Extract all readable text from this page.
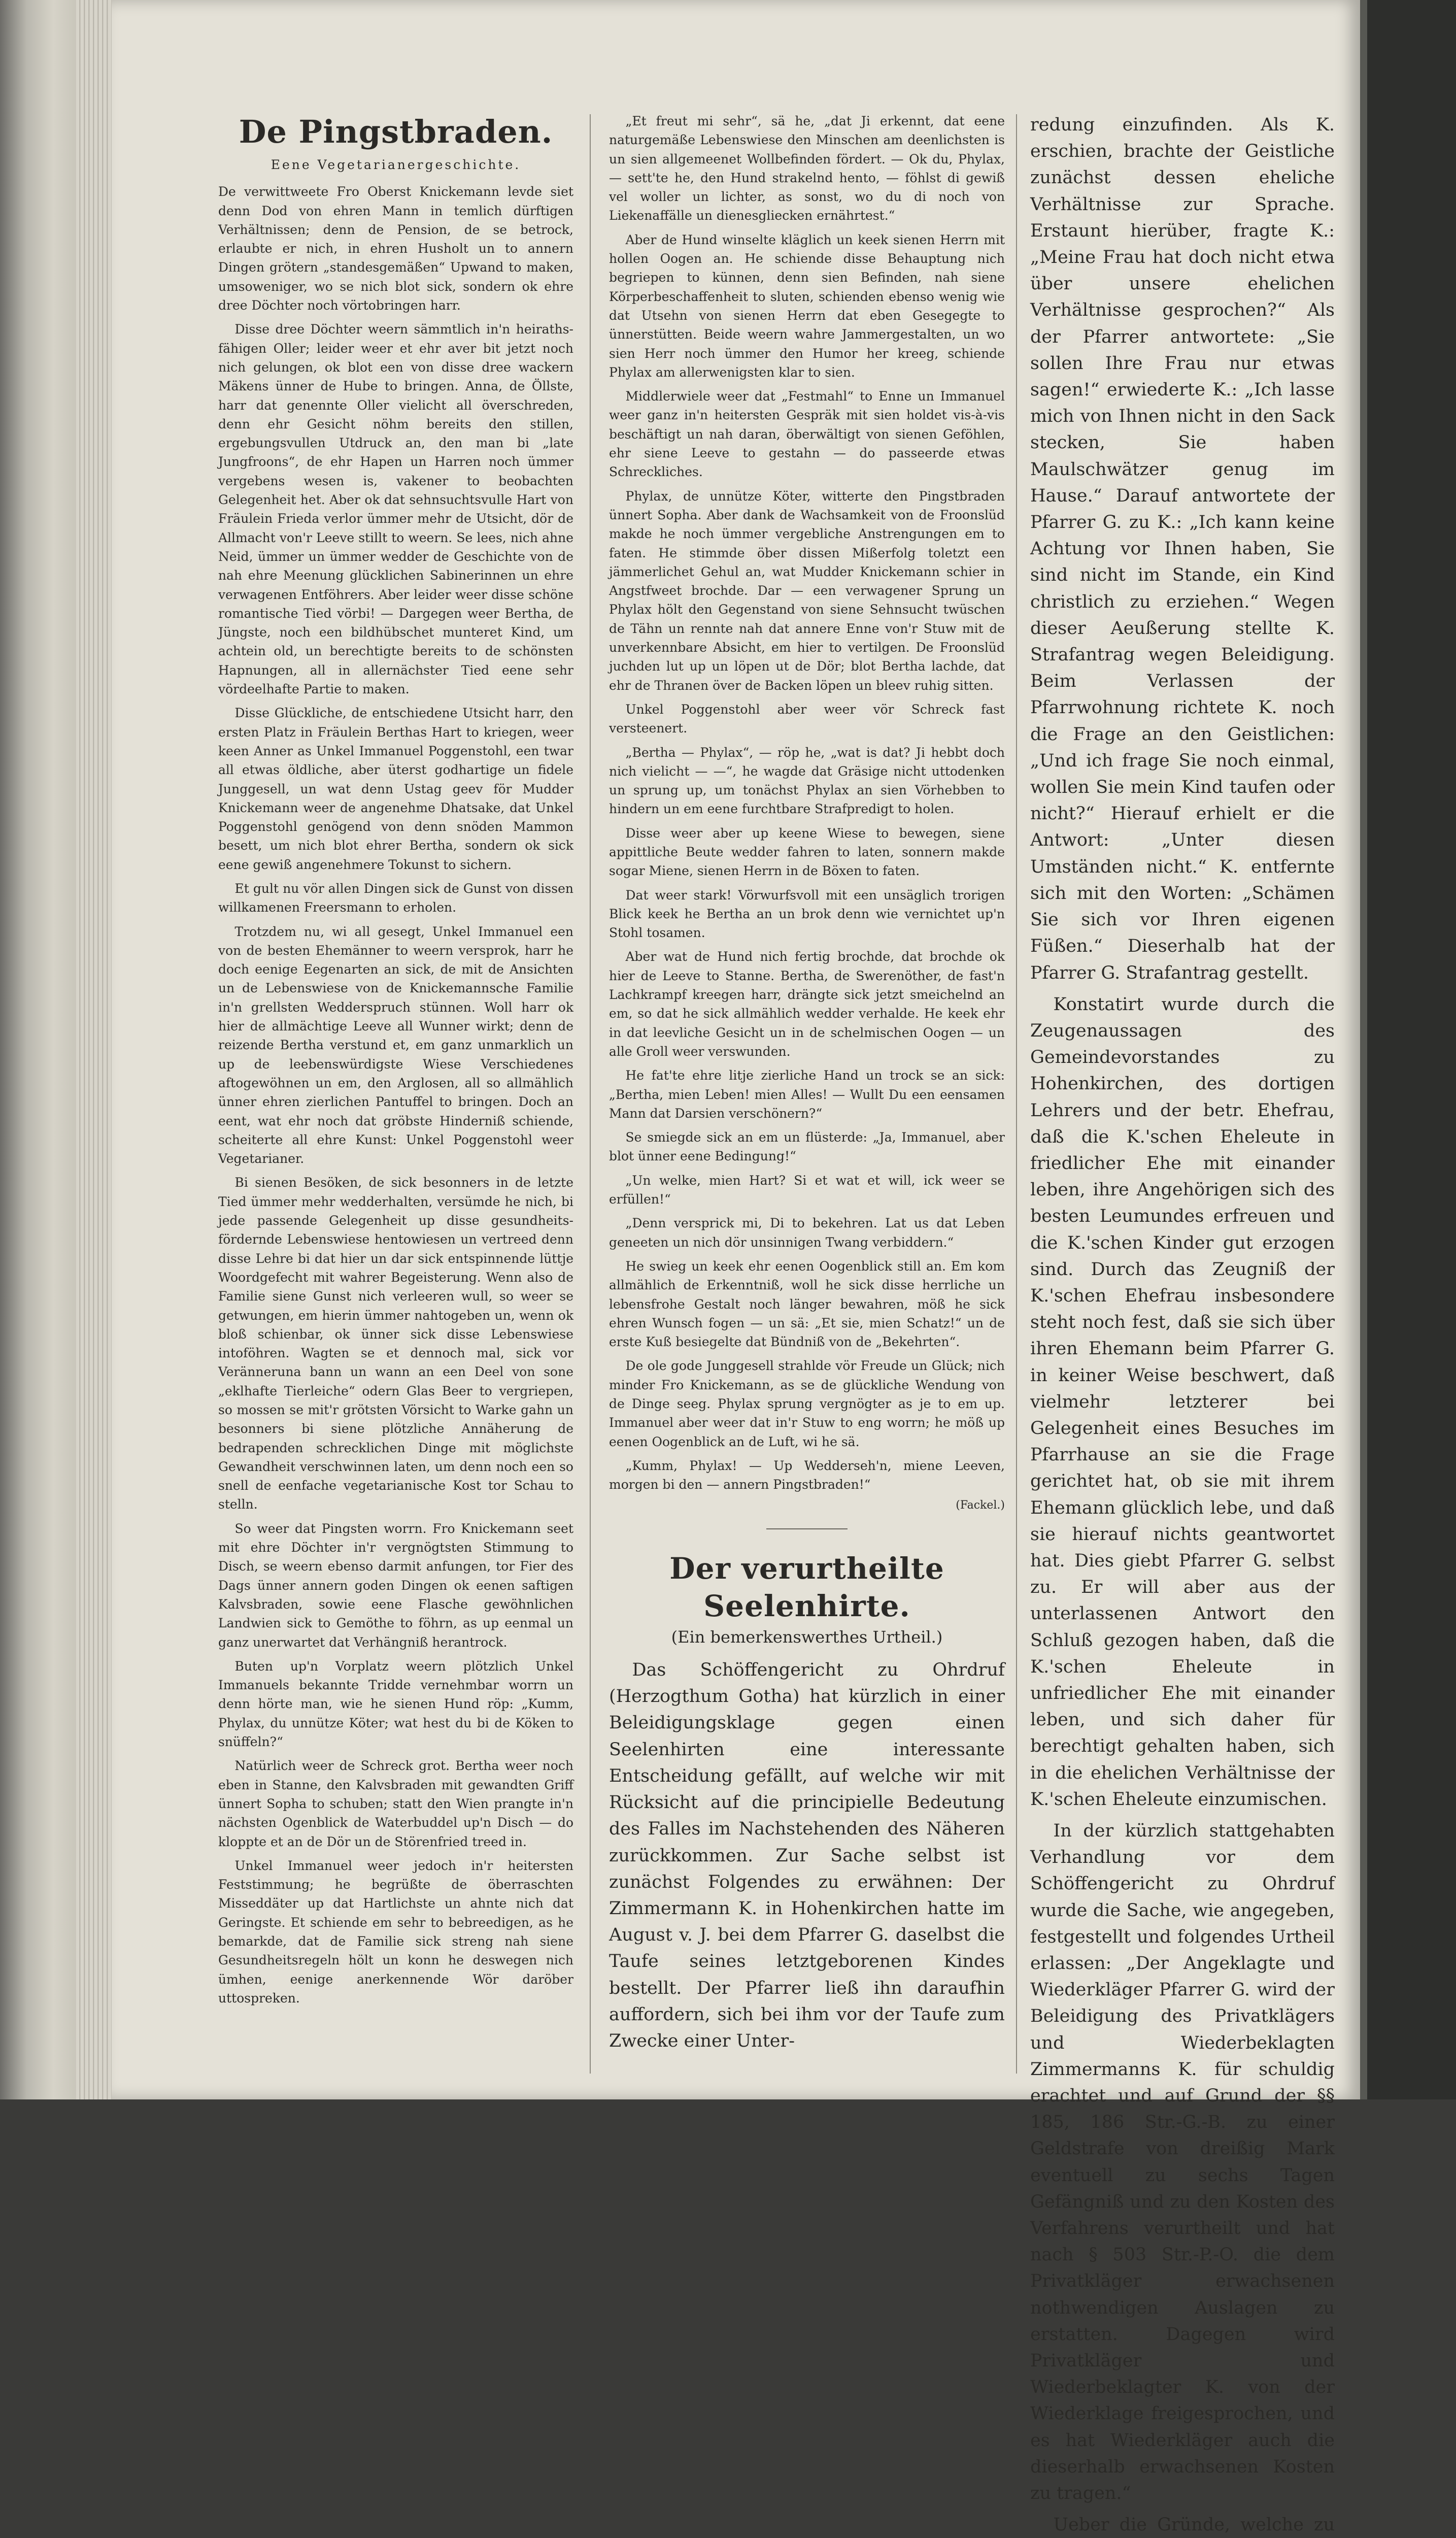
De Pingstbraden.
Eene Vegetarianergeschichte.

De verwittweete Fro Oberst Knickemann levde siet denn Dod von ehren Mann in temlich dürftigen Verhältnissen; denn de Pension, de se betrock, erlaubte er nich, in ehren Husholt un to annern Dingen grötern „standesgemäßen“ Upwand to maken, umsoweniger, wo se nich blot sick, sondern ok ehre dree Döchter noch vörtobringen harr.

Disse dree Döchter weern sämmtlich in'n heirathsfähigen Oller; leider weer et ehr aver bit jetzt noch nich gelungen, ok blot een von disse dree wackern Mäkens ünner de Hube to bringen. Anna, de Öllste, harr dat genennte Oller vielicht all överschreden, denn ehr Gesicht nöhm bereits den stillen, ergebungsvullen Utdruck an, den man bi „late Jungfroons“, de ehr Hapen un Harren noch ümmer vergebens wesen is, vakener to beobachten Gelegenheit het. Aber ok dat sehnsuchtsvulle Hart von Fräulein Frieda verlor ümmer mehr de Utsicht, dör de Allmacht von'r Leeve stillt to weern. Se lees, nich ahne Neid, ümmer un ümmer wedder de Geschichte von de nah ehre Meenung glücklichen Sabinerinnen un ehre verwagenen Entföhrers. Aber leider weer disse schöne romantische Tied vörbi! — Dargegen weer Bertha, de Jüngste, noch een bildhübschet munteret Kind, um achtein old, un berechtigte bereits to de schönsten Hapnungen, all in allernächster Tied eene sehr vördeelhafte Partie to maken.

Disse Glückliche, de entschiedene Utsicht harr, den ersten Platz in Fräulein Berthas Hart to kriegen, weer keen Anner as Unkel Immanuel Poggenstohl, een twar all etwas öldliche, aber üterst godhartige un fidele Junggesell, un wat denn Ustag geev för Mudder Knickemann weer de angenehme Dhatsake, dat Unkel Poggenstohl genögend von denn snöden Mammon besett, um nich blot ehrer Bertha, sondern ok sick eene gewiß angenehmere Tokunst to sichern.

Et gult nu vör allen Dingen sick de Gunst von dissen willkamenen Freersmann to erholen.

Trotzdem nu, wi all gesegt, Unkel Immanuel een von de besten Ehemänner to weern versprok, harr he doch eenige Eegenarten an sick, de mit de Ansichten un de Lebenswiese von de Knickemannsche Familie in'n grellsten Wedderspruch stünnen. Woll harr ok hier de allmächtige Leeve all Wunner wirkt; denn de reizende Bertha verstund et, em ganz unmarklich un up de leebenswürdigste Wiese Verschiedenes aftogewöhnen un em, den Arglosen, all so allmählich ünner ehren zierlichen Pantuffel to bringen. Doch an eent, wat ehr noch dat gröbste Hinderniß schiende, scheiterte all ehre Kunst: Unkel Poggenstohl weer Vegetarianer.

Bi sienen Besöken, de sick besonners in de letzte Tied ümmer mehr wedderhalten, versümde he nich, bi jede passende Gelegenheit up disse gesundheitsfördernde Lebenswiese hentowiesen un vertreed denn disse Lehre bi dat hier un dar sick entspinnende lüttje Woordgefecht mit wahrer Begeisterung. Wenn also de Familie siene Gunst nich verleeren wull, so weer se getwungen, em hierin ümmer nahtogeben un, wenn ok bloß schienbar, ok ünner sick disse Lebenswiese intoföhren. Wagten se et dennoch mal, sick vor Veränneruna bann un wann an een Deel von sone „eklhafte Tierleiche“ odern Glas Beer to vergriepen, so mossen se mit'r grötsten Vörsicht to Warke gahn un besonners bi siene plötzliche Annäherung de bedrapenden schrecklichen Dinge mit möglichste Gewandheit verschwinnen laten, um denn noch een so snell de eenfache vegetarianische Kost tor Schau to stelln.

So weer dat Pingsten worrn. Fro Knickemann seet mit ehre Döchter in'r vergnögtsten Stimmung to Disch, se weern ebenso darmit anfungen, tor Fier des Dags ünner annern goden Dingen ok eenen saftigen Kalvsbraden, sowie eene Flasche gewöhnlichen Landwien sick to Gemöthe to föhrn, as up eenmal un ganz unerwartet dat Verhängniß herantrock.

Buten up'n Vorplatz weern plötzlich Unkel Immanuels bekannte Tridde vernehmbar worrn un denn hörte man, wie he sienen Hund röp: „Kumm, Phylax, du unnütze Köter; wat hest du bi de Köken to snüffeln?“

Natürlich weer de Schreck grot. Bertha weer noch eben in Stanne, den Kalvsbraden mit gewandten Griff ünnert Sopha to schuben; statt den Wien prangte in'n nächsten Ogenblick de Waterbuddel up'n Disch — do kloppte et an de Dör un de Störenfried treed in.

Unkel Immanuel weer jedoch in'r heitersten Feststimmung; he begrüßte de öberraschten Misseddäter up dat Hartlichste un ahnte nich dat Geringste. Et schiende em sehr to bebreedigen, as he bemarkde, dat de Familie sick streng nah siene Gesundheitsregeln hölt un konn he deswegen nich ümhen, eenige anerkennende Wör daröber uttospreken.

„Et freut mi sehr“, sä he, „dat Ji erkennt, dat eene naturgemäße Lebenswiese den Minschen am deenlichsten is un sien allgemeenet Wollbefinden fördert. — Ok du, Phylax, — sett'te he, den Hund strakelnd hento, — föhlst di gewiß vel woller un lichter, as sonst, wo du di noch von Liekenaffälle un dienesgliecken ernährtest.“

Aber de Hund winselte kläglich un keek sienen Herrn mit hollen Oogen an. He schiende disse Behauptung nich begriepen to künnen, denn sien Befinden, nah siene Körperbeschaffenheit to sluten, schienden ebenso wenig wie dat Utsehn von sienen Herrn dat eben Gesegegte to ünnerstütten. Beide weern wahre Jammergestalten, un wo sien Herr noch ümmer den Humor her kreeg, schiende Phylax am allerwenigsten klar to sien.

Middlerwiele weer dat „Festmahl“ to Enne un Immanuel weer ganz in'n heitersten Gespräk mit sien holdet vis-à-vis beschäftigt un nah daran, öberwältigt von sienen Geföhlen, ehr siene Leeve to gestahn — do passeerde etwas Schreckliches.

Phylax, de unnütze Köter, witterte den Pingstbraden ünnert Sopha. Aber dank de Wachsamkeit von de Froonslüd makde he noch ümmer vergebliche Anstrengungen em to faten. He stimmde öber dissen Mißerfolg toletzt een jämmerlichet Gehul an, wat Mudder Knickemann schier in Angstfweet brochde. Dar — een verwagener Sprung un Phylax hölt den Gegenstand von siene Sehnsucht twüschen de Tähn un rennte nah dat annere Enne von'r Stuw mit de unverkennbare Absicht, em hier to vertilgen. De Froonslüd juchden lut up un löpen ut de Dör; blot Bertha lachde, dat ehr de Thranen över de Backen löpen un bleev ruhig sitten.

Unkel Poggenstohl aber weer vör Schreck fast versteenert.

„Bertha — Phylax“, — röp he, „wat is dat? Ji hebbt doch nich vielicht — —“, he wagde dat Gräsige nicht uttodenken un sprung up, um tonächst Phylax an sien Vörhebben to hindern un em eene furchtbare Strafpredigt to holen.

Disse weer aber up keene Wiese to bewegen, siene appittliche Beute wedder fahren to laten, sonnern makde sogar Miene, sienen Herrn in de Böxen to faten.

Dat weer stark! Vörwurfsvoll mit een unsäglich trorigen Blick keek he Bertha an un brok denn wie vernichtet up'n Stohl tosamen.

Aber wat de Hund nich fertig brochde, dat brochde ok hier de Leeve to Stanne. Bertha, de Swerenöther, de fast'n Lachkrampf kreegen harr, drängte sick jetzt smeichelnd an em, so dat he sick allmählich wedder verhalde. He keek ehr in dat leevliche Gesicht un in de schelmischen Oogen — un alle Groll weer verswunden.

He fat'te ehre litje zierliche Hand un trock se an sick: „Bertha, mien Leben! mien Alles! — Wullt Du een eensamen Mann dat Darsien verschönern?“

Se smiegde sick an em un flüsterde: „Ja, Immanuel, aber blot ünner eene Bedingung!“

„Un welke, mien Hart? Si et wat et will, ick weer se erfüllen!“

„Denn versprick mi, Di to bekehren. Lat us dat Leben geneeten un nich dör unsinnigen Twang verbiddern.“

He swieg un keek ehr eenen Oogenblick still an. Em kom allmählich de Erkenntniß, woll he sick disse herrliche un lebensfrohe Gestalt noch länger bewahren, möß he sick ehren Wunsch fogen — un sä: „Et sie, mien Schatz!“ un de erste Kuß besiegelte dat Bündniß von de „Bekehrten“.

De ole gode Junggesell strahlde vör Freude un Glück; nich minder Fro Knickemann, as se de glückliche Wendung von de Dinge seeg. Phylax sprung vergnögter as je to em up. Immanuel aber weer dat in'r Stuw to eng worrn; he möß up eenen Oogenblick an de Luft, wi he sä.

„Kumm, Phylax! — Up Wedderseh'n, miene Leeven, morgen bi den — annern Pingstbraden!“

(Fackel.)
Der verurtheilte Seelenhirte.
(Ein bemerkenswerthes Urtheil.)

Das Schöffengericht zu Ohrdruf (Herzogthum Gotha) hat kürzlich in einer Beleidigungsklage gegen einen Seelenhirten eine interessante Entscheidung gefällt, auf welche wir mit Rücksicht auf die principielle Bedeutung des Falles im Nachstehenden des Näheren zurückkommen. Zur Sache selbst ist zunächst Folgendes zu erwähnen: Der Zimmermann K. in Hohenkirchen hatte im August v. J. bei dem Pfarrer G. daselbst die Taufe seines letztgeborenen Kindes bestellt. Der Pfarrer ließ ihn daraufhin auffordern, sich bei ihm vor der Taufe zum Zwecke einer Unter-

redung einzufinden. Als K. erschien, brachte der Geistliche zunächst dessen eheliche Verhältnisse zur Sprache. Erstaunt hierüber, fragte K.: „Meine Frau hat doch nicht etwa über unsere ehelichen Verhältnisse gesprochen?“ Als der Pfarrer antwortete: „Sie sollen Ihre Frau nur etwas sagen!“ erwiederte K.: „Ich lasse mich von Ihnen nicht in den Sack stecken, Sie haben Maulschwätzer genug im Hause.“ Darauf antwortete der Pfarrer G. zu K.: „Ich kann keine Achtung vor Ihnen haben, Sie sind nicht im Stande, ein Kind christlich zu erziehen.“ Wegen dieser Aeußerung stellte K. Strafantrag wegen Beleidigung. Beim Verlassen der Pfarrwohnung richtete K. noch die Frage an den Geistlichen: „Und ich frage Sie noch einmal, wollen Sie mein Kind taufen oder nicht?“ Hierauf erhielt er die Antwort: „Unter diesen Umständen nicht.“ K. entfernte sich mit den Worten: „Schämen Sie sich vor Ihren eigenen Füßen.“ Dieserhalb hat der Pfarrer G. Strafantrag gestellt.

Konstatirt wurde durch die Zeugenaussagen des Gemeindevorstandes zu Hohenkirchen, des dortigen Lehrers und der betr. Ehefrau, daß die K.'schen Eheleute in friedlicher Ehe mit einander leben, ihre Angehörigen sich des besten Leumundes erfreuen und die K.'schen Kinder gut erzogen sind. Durch das Zeugniß der K.'schen Ehefrau insbesondere steht noch fest, daß sie sich über ihren Ehemann beim Pfarrer G. in keiner Weise beschwert, daß vielmehr letzterer bei Gelegenheit eines Besuches im Pfarrhause an sie die Frage gerichtet hat, ob sie mit ihrem Ehemann glücklich lebe, und daß sie hierauf nichts geantwortet hat. Dies giebt Pfarrer G. selbst zu. Er will aber aus der unterlassenen Antwort den Schluß gezogen haben, daß die K.'schen Eheleute in unfriedlicher Ehe mit einander leben, und sich daher für berechtigt gehalten haben, sich in die ehelichen Verhältnisse der K.'schen Eheleute einzumischen.

In der kürzlich stattgehabten Verhandlung vor dem Schöffengericht zu Ohrdruf wurde die Sache, wie angegeben, festgestellt und folgendes Urtheil erlassen: „Der Angeklagte und Wiederkläger Pfarrer G. wird der Beleidigung des Privatklägers und Wiederbeklagten Zimmermanns K. für schuldig erachtet und auf Grund der §§ 185, 186 Str.-G.-B. zu einer Geldstrafe von dreißig Mark eventuell zu sechs Tagen Gefängniß und zu den Kosten des Verfahrens verurtheilt und hat nach § 503 Str.-P.-O. die dem Privatkläger erwachsenen nothwendigen Auslagen zu erstatten. Dagegen wird Privatkläger und Wiederbeklagter K. von der Wiederklage freigesprochen, und es hat Wiederkläger auch die dieserhalb erwachsenen Kosten zu tragen.“

Ueber die Gründe, welche zu
